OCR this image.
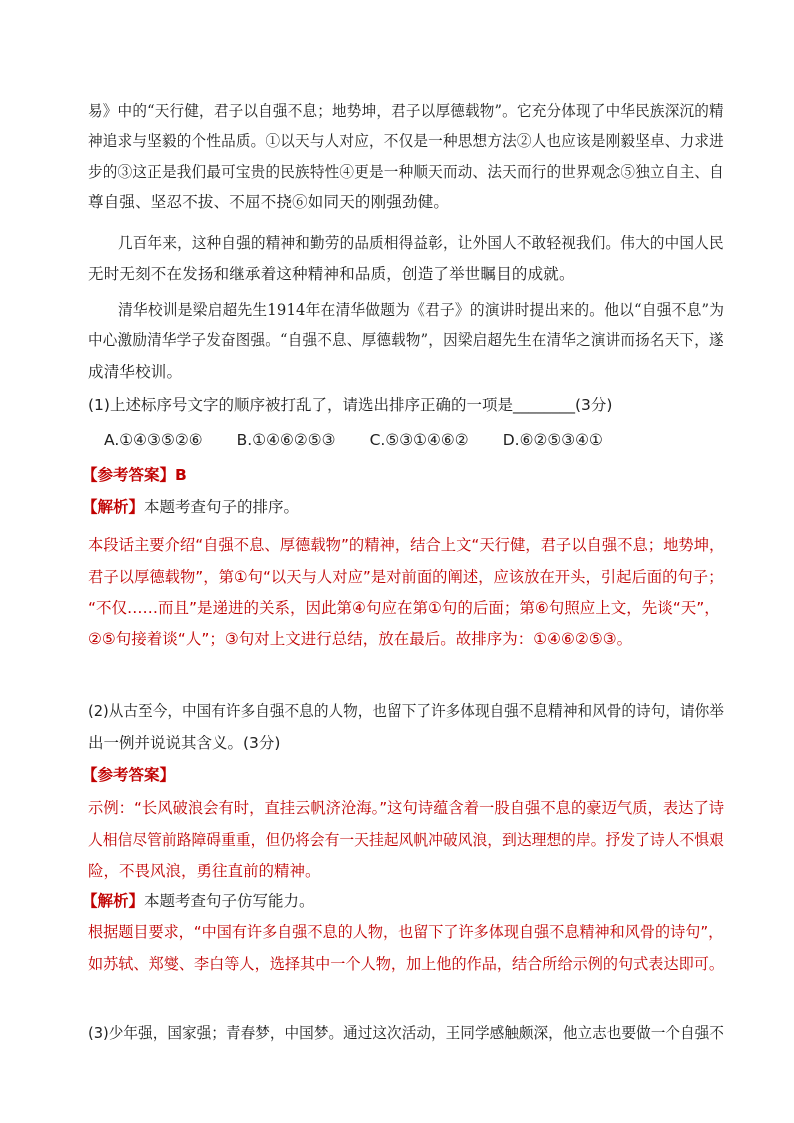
易》中的“天行健，君子以自强不息；地势坤，君子以厚德载物”。它充分体现了中华民族深沉的精
神追求与坚毅的个性品质。①以天与人对应，不仅是一种思想方法②人也应该是刚毅坚卓、力求进
步的③这正是我们最可宝贵的民族特性④更是一种顺天而动、法天而行的世界观念⑤独立自主、自
尊自强、坚忍不拔、不屈不挠⑥如同天的刚强劲健。
几百年来，这种自强的精神和勤劳的品质相得益彰，让外国人不敢轻视我们。伟大的中国人民
无时无刻不在发扬和继承着这种精神和品质，创造了举世瞩目的成就。
清华校训是梁启超先生1914年在清华做题为《君子》的演讲时提出来的。他以“自强不息”为
中心激励清华学子发奋图强。“自强不息、厚德载物”，因梁启超先生在清华之演讲而扬名天下，遂
成清华校训。
(1)上述标序号文字的顺序被打乱了，请选出排序正确的一项是________(3分)
A.①④③⑤②⑥ B.①④⑥②⑤③ C.⑤③①④⑥② D.⑥②⑤③④①
【参考答案】B
【解析】本题考查句子的排序。
本段话主要介绍“自强不息、厚德载物”的精神，结合上文“天行健，君子以自强不息；地势坤，
君子以厚德载物”，第①句“以天与人对应”是对前面的阐述，应该放在开头，引起后面的句子；
“不仅……而且”是递进的关系，因此第④句应在第①句的后面；第⑥句照应上文，先谈“天”，
②⑤句接着谈“人”；③句对上文进行总结，放在最后。故排序为：①④⑥②⑤③。
(2)从古至今，中国有许多自强不息的人物，也留下了许多体现自强不息精神和风骨的诗句，请你举
出一例并说说其含义。(3分)
【参考答案】
示例：“长风破浪会有时，直挂云帆济沧海。”这句诗蕴含着一股自强不息的豪迈气质，表达了诗
人相信尽管前路障碍重重，但仍将会有一天挂起风帆冲破风浪，到达理想的岸。抒发了诗人不惧艰
险，不畏风浪，勇往直前的精神。
【解析】本题考查句子仿写能力。
根据题目要求，“中国有许多自强不息的人物，也留下了许多体现自强不息精神和风骨的诗句”，
如苏轼、郑燮、李白等人，选择其中一个人物，加上他的作品，结合所给示例的句式表达即可。
(3)少年强，国家强；青春梦，中国梦。通过这次活动，王同学感触颇深，他立志也要做一个自强不
